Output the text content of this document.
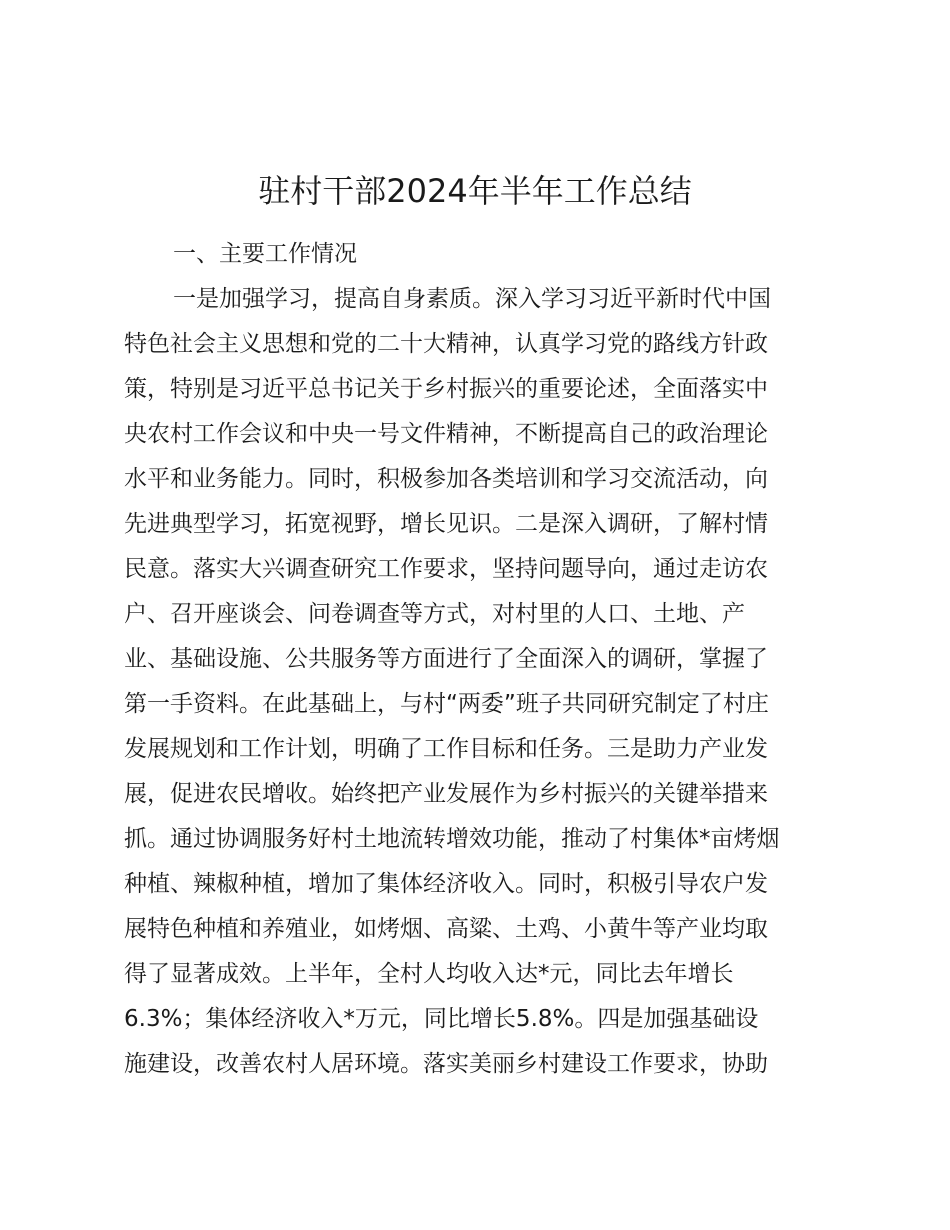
驻村干部2024年半年工作总结
一、主要工作情况
一是加强学习，提高自身素质。深入学习习近平新时代中国
特色社会主义思想和党的二十大精神，认真学习党的路线方针政
策，特别是习近平总书记关于乡村振兴的重要论述，全面落实中
央农村工作会议和中央一号文件精神，不断提高自己的政治理论
水平和业务能力。同时，积极参加各类培训和学习交流活动，向
先进典型学习，拓宽视野，增长见识。二是深入调研，了解村情
民意。落实大兴调查研究工作要求，坚持问题导向，通过走访农
户、召开座谈会、问卷调查等方式，对村里的人口、土地、产
业、基础设施、公共服务等方面进行了全面深入的调研，掌握了
第一手资料。在此基础上，与村“两委”班子共同研究制定了村庄
发展规划和工作计划，明确了工作目标和任务。三是助力产业发
展，促进农民增收。始终把产业发展作为乡村振兴的关键举措来
抓。通过协调服务好村土地流转增效功能，推动了村集体*亩烤烟
种植、辣椒种植，增加了集体经济收入。同时，积极引导农户发
展特色种植和养殖业，如烤烟、高粱、土鸡、小黄牛等产业均取
得了显著成效。上半年，全村人均收入达*元，同比去年增长
6.3%；集体经济收入*万元，同比增长5.8%。四是加强基础设
施建设，改善农村人居环境。落实美丽乡村建设工作要求，协助
